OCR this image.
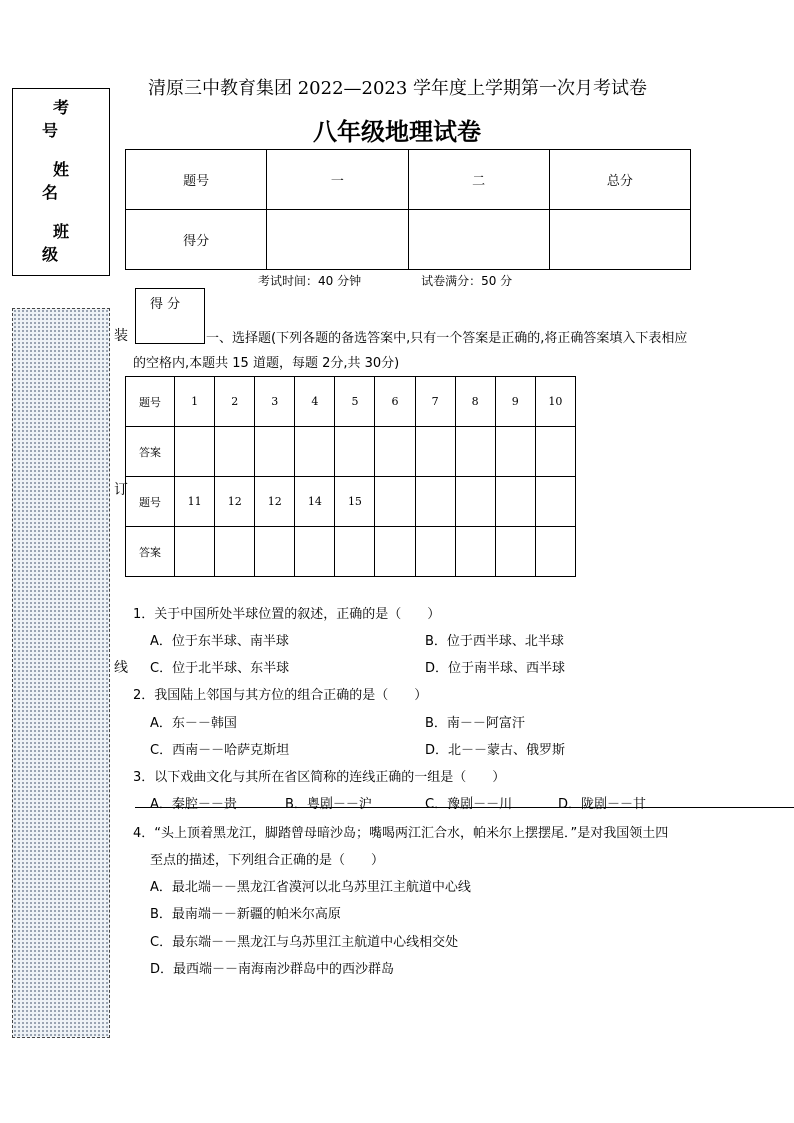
考号
姓名
班级
装
订
线
清原三中教育集团 2022—2023 学年度上学期第一次月考试卷
八年级地理试卷
题号	一	二	总分
得分			
考试时间：40 分钟	试卷满分：50 分
得 分
一、选择题(下列各题的备选答案中,只有一个答案是正确的,将正确答案填入下表相应
的空格内,本题共 15 道题，每题 2分,共 30分)
题号	1	2	3	4	5	6	7	8	9	10
答案										
题号	11	12	12	14	15					
答案										
1．关于中国所处半球位置的叙述，正确的是（　　）
A．位于东半球、南半球	B．位于西半球、北半球
C．位于北半球、东半球	D．位于南半球、西半球
2．我国陆上邻国与其方位的组合正确的是（　　）
A．东－－韩国	B．南－－阿富汗
C．西南－－哈萨克斯坦	D．北－－蒙古、俄罗斯
3．以下戏曲文化与其所在省区简称的连线正确的一组是（　　）
A．秦腔－－贵	B．粤剧－－沪	C．豫剧－－川	D．陇剧－－甘
4．“头上顶着黑龙江，脚踏曾母暗沙岛；嘴喝两江汇合水，帕米尔上摆摆尾．”是对我国领土四
至点的描述，下列组合正确的是（　　）
A．最北端－－黑龙江省漠河以北乌苏里江主航道中心线
B．最南端－－新疆的帕米尔高原
C．最东端－－黑龙江与乌苏里江主航道中心线相交处
D．最西端－－南海南沙群岛中的西沙群岛
